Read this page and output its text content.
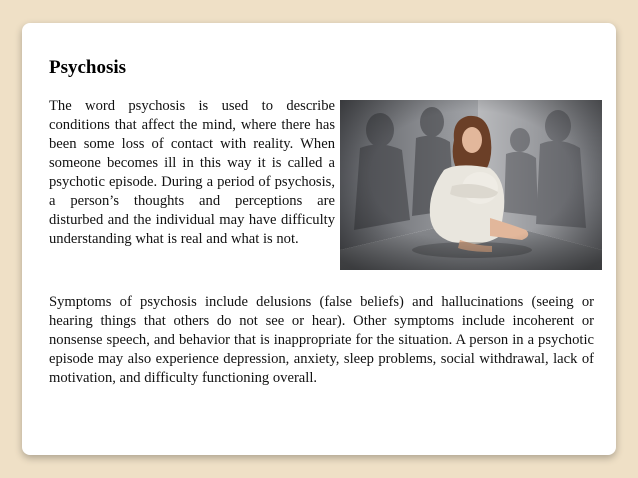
Psychosis

The word psychosis is used to describe conditions that affect the mind, where there has been some loss of contact with reality. When someone becomes ill in this way it is called a psychotic episode. During a period of psychosis, a person’s thoughts and perceptions are disturbed and the individual may have difficulty understanding what is real and what is not.

Symptoms of psychosis include delusions (false beliefs) and hallucinations (seeing or hearing things that others do not see or hear). Other symptoms include incoherent or nonsense speech, and behavior that is inappropriate for the situation. A person in a psychotic episode may also experience depression, anxiety, sleep problems, social withdrawal, lack of motivation, and difficulty functioning overall.
